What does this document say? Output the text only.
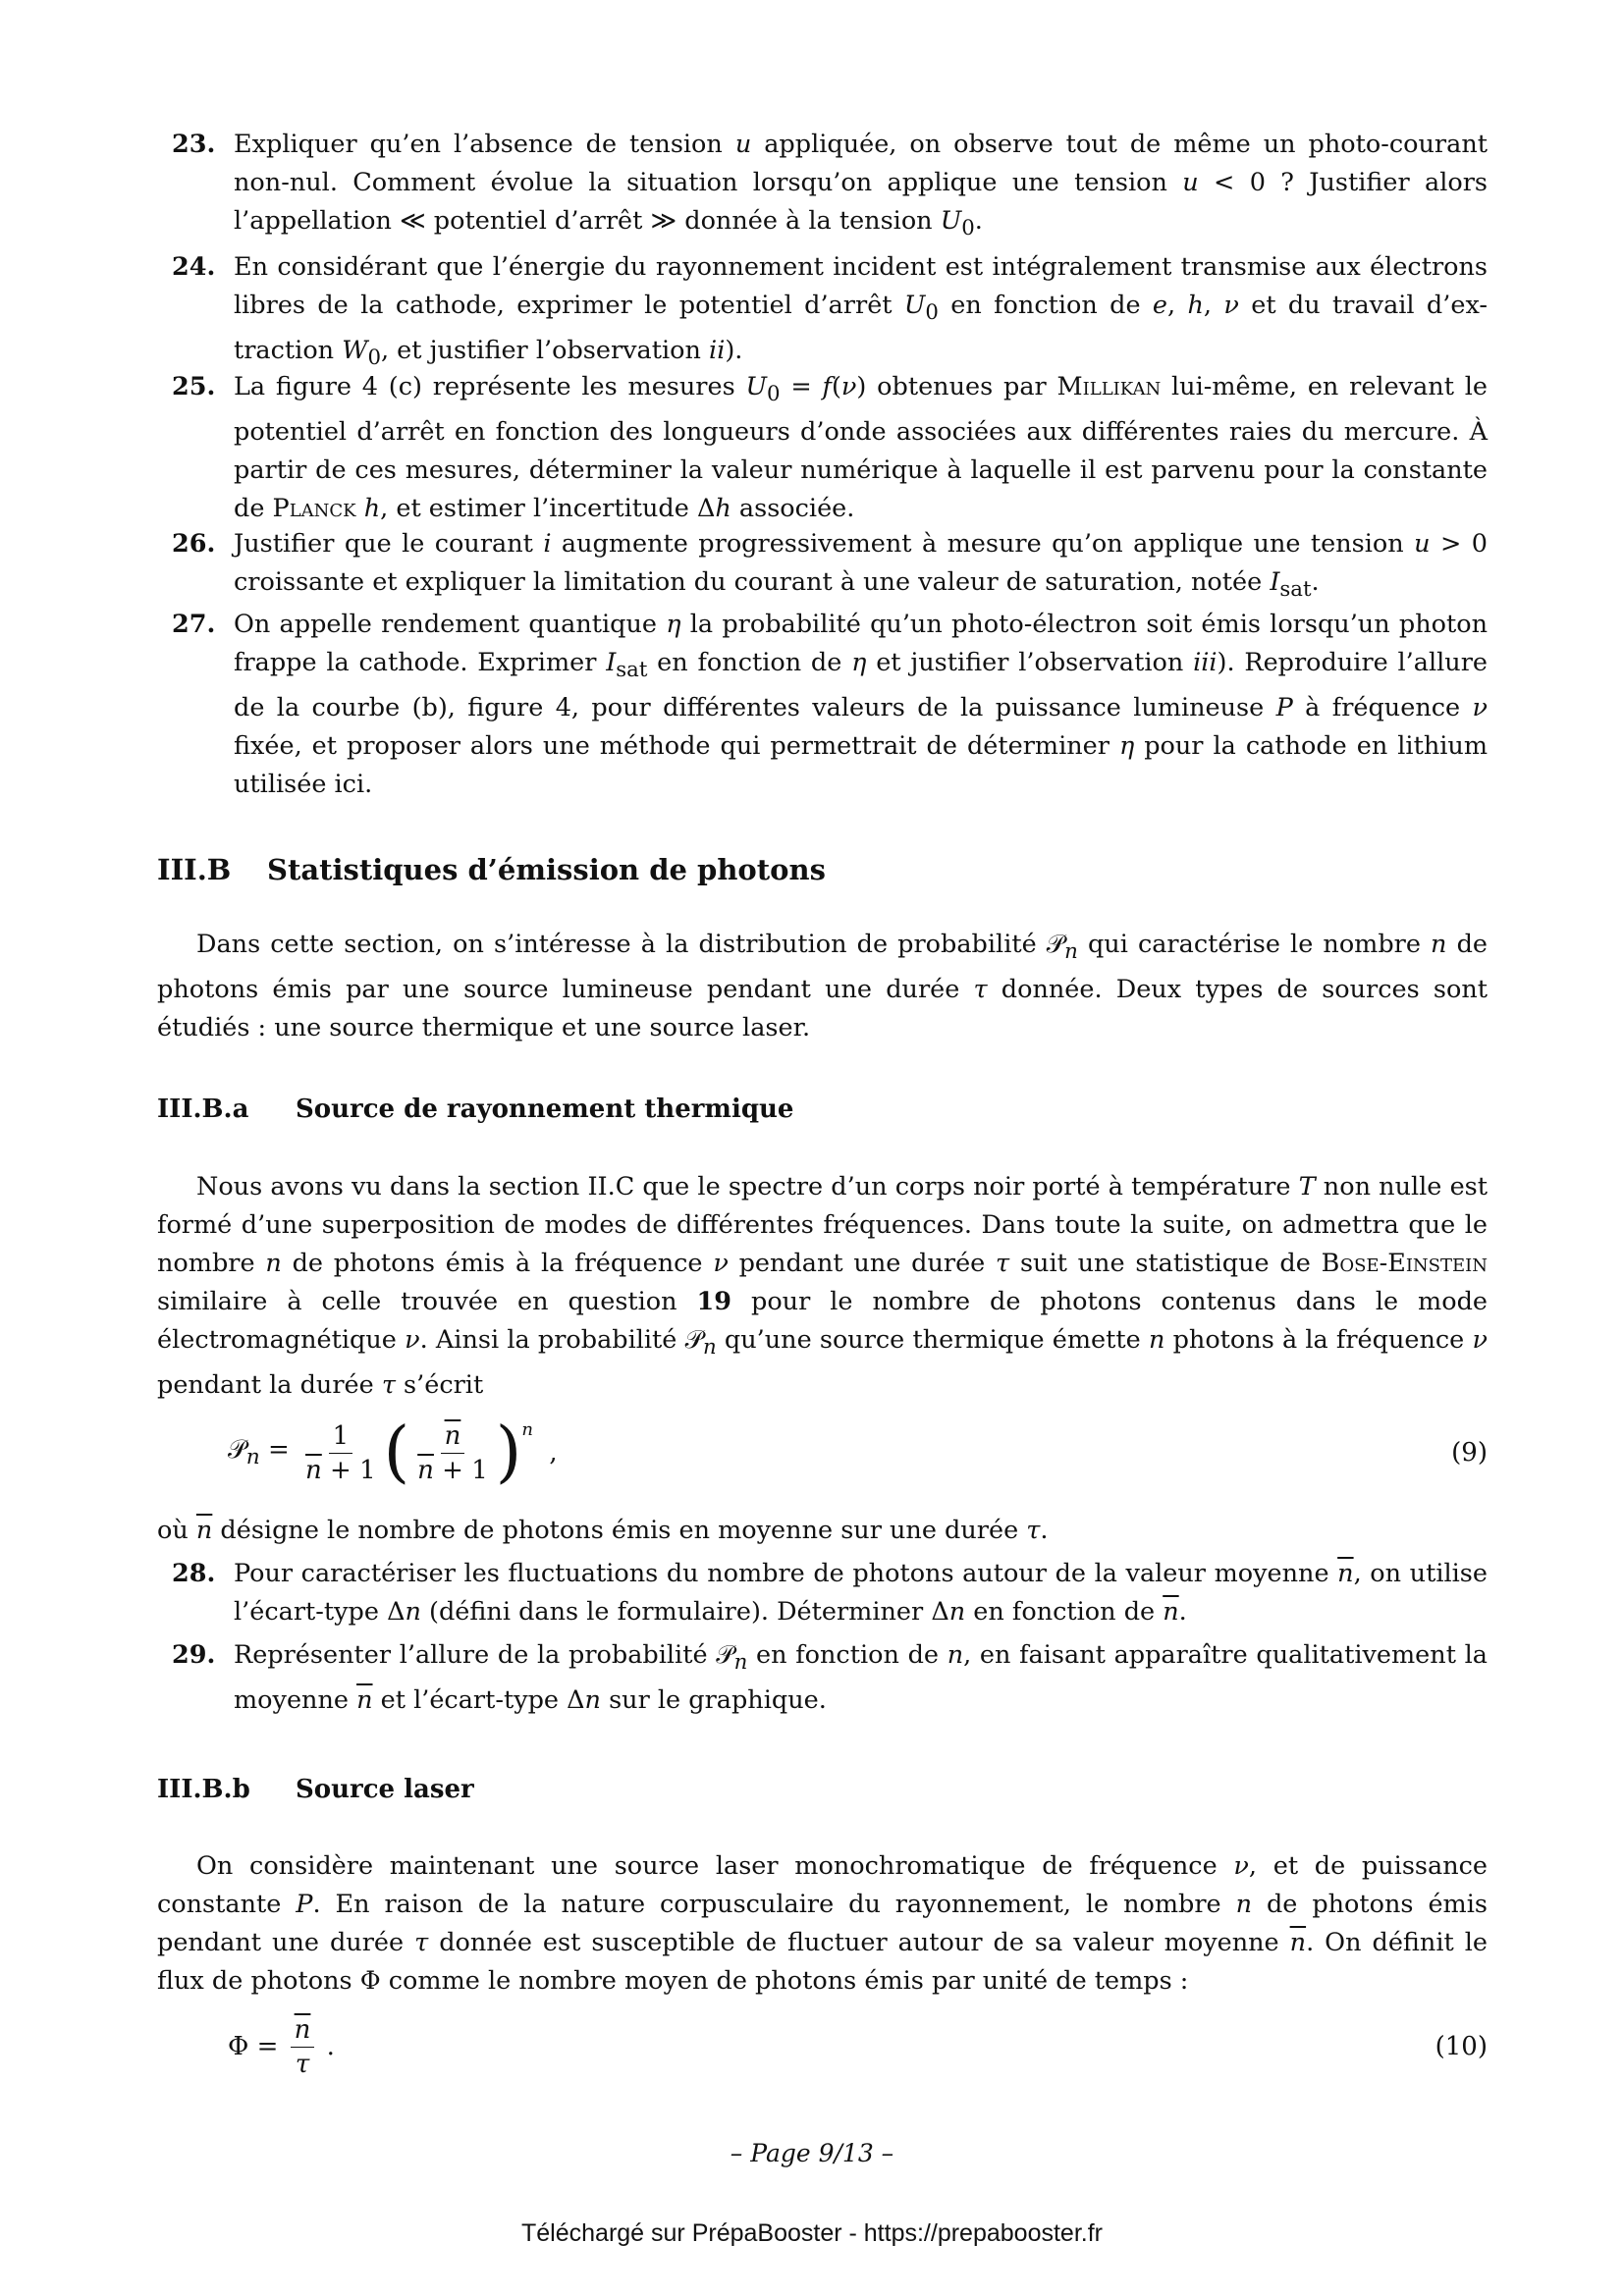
23. Expliquer qu’en l’absence de tension u appliquée, on observe tout de même un photo-courant non-nul. Comment évolue la situation lorsqu’on applique une tension u < 0 ? Justifier alors l’appellation ≪ potentiel d’arrêt ≫ donnée à la tension $U_0$.
24. En considérant que l’énergie du rayonnement incident est intégralement transmise aux électrons libres de la cathode, exprimer le potentiel d’arrêt $U_0$ en fonction de e, h, ν et du travail d’ex-traction $W_0$, et justifier l’observation ii).
25. La figure 4 (c) représente les mesures $U_0 = f(\nu)$ obtenues par Millikan lui-même, en relevant le potentiel d’arrêt en fonction des longueurs d’onde associées aux différentes raies du mercure. À partir de ces mesures, déterminer la valeur numérique à laquelle il est parvenu pour la constante de Planck h, et estimer l’incertitude Δh associée.
26. Justifier que le courant i augmente progressivement à mesure qu’on applique une tension u > 0 croissante et expliquer la limitation du courant à une valeur de saturation, notée $I_{sat}$.
27. On appelle rendement quantique η la probabilité qu’un photo-électron soit émis lorsqu’un photon frappe la cathode. Exprimer $I_{sat}$ en fonction de η et justifier l’observation iii). Reproduire l’allure de la courbe (b), figure 4, pour différentes valeurs de la puissance lumineuse P à fréquence ν fixée, et proposer alors une méthode qui permettrait de déterminer η pour la cathode en lithium utilisée ici.
III.B Statistiques d’émission de photons
Dans cette section, on s’intéresse à la distribution de probabilité 𝒫$_n$ qui caractérise le nombre n de photons émis par une source lumineuse pendant une durée τ donnée. Deux types de sources sont étudiés : une source thermique et une source laser.
III.B.a Source de rayonnement thermique
Nous avons vu dans la section II.C que le spectre d’un corps noir porté à température T non nulle est formé d’une superposition de modes de différentes fréquences. Dans toute la suite, on admettra que le nombre n de photons émis à la fréquence ν pendant une durée τ suit une statistique de Bose-Einstein similaire à celle trouvée en question 19 pour le nombre de photons contenus dans le mode électromagnétique ν. Ainsi la probabilité 𝒫$_n$ qu’une source thermique émette n photons à la fréquence ν pendant la durée τ s’écrit
𝒫$_n$ = $\frac{1}{\overline{n} + 1}$ ( $\frac{\overline{n}}{\overline{n} + 1}$ ) $^n$
,	(9)
où $\overline{n}$ désigne le nombre de photons émis en moyenne sur une durée τ.
28. Pour caractériser les fluctuations du nombre de photons autour de la valeur moyenne $\overline{n}$, on utilise l’écart-type Δn (défini dans le formulaire). Déterminer Δn en fonction de $\overline{n}$.
29. Représenter l’allure de la probabilité 𝒫$_n$ en fonction de n, en faisant apparaître qualitativement la moyenne $\overline{n}$ et l’écart-type Δn sur le graphique.
III.B.b Source laser
On considère maintenant une source laser monochromatique de fréquence ν, et de puissance constante P. En raison de la nature corpusculaire du rayonnement, le nombre n de photons émis pendant une durée τ donnée est susceptible de fluctuer autour de sa valeur moyenne $\overline{n}$. On définit le flux de photons Φ comme le nombre moyen de photons émis par unité de temps :
$\Phi = \frac{\overline{n}}{\tau}$ .	(10)
– Page 9/13 –
Téléchargé sur PrépaBooster - https://prepabooster.fr
